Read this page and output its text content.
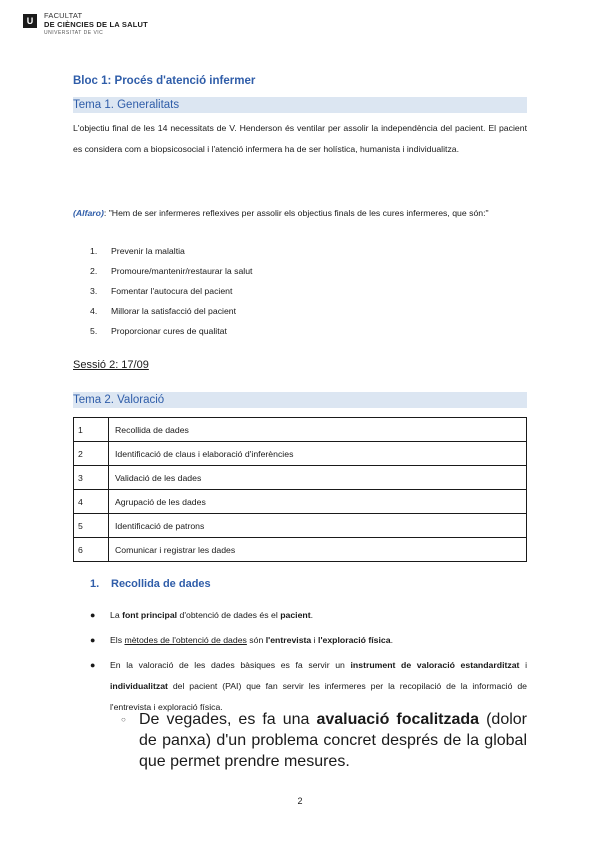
U
FACULTAT
DE CIÈNCIES DE LA SALUT
UNIVERSITAT DE VIC
Bloc 1: Procés d'atenció infermer
Tema 1. Generalitats
L'objectiu final de les 14 necessitats de V. Henderson és ventilar per assolir la independència del pacient. El pacient es considera com a biopsicosocial i l'atenció infermera ha de ser holística, humanista i individualitza.
(Alfaro): "Hem de ser infermeres reflexives per assolir els objectius finals de les cures infermeres, que són:"
1.	Prevenir la malaltia
2.	Promoure/mantenir/restaurar la salut
3.	Fomentar l'autocura del pacient
4.	Millorar la satisfacció del pacient
5.	Proporcionar cures de qualitat
Sessió 2: 17/09
Tema 2. Valoració
1	Recollida de dades
2	Identificació de claus i elaboració d'inferències
3	Validació de les dades
4	Agrupació de les dades
5	Identificació de patrons
6	Comunicar i registrar les dades
1.	Recollida de dades
●	La font principal d'obtenció de dades és el pacient.
●	Els mètodes de l'obtenció de dades són l'entrevista i l'exploració física.
●	En la valoració de les dades bàsiques es fa servir un instrument de valoració estandarditzat i individualitzat del pacient (PAI) que fan servir les infermeres per la recopilació de la informació de l'entrevista i exploració física.
○ De vegades, es fa una avaluació focalitzada (dolor de panxa) d'un problema concret després de la global que permet prendre mesures.
2
